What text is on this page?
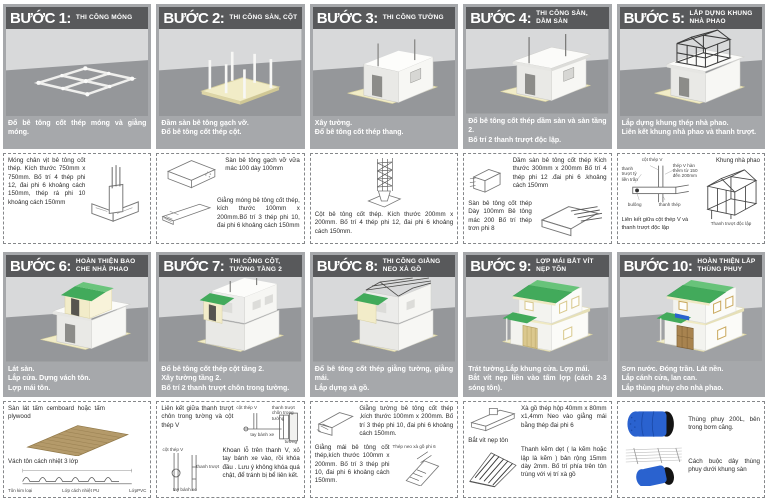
BƯỚC 1: THI CÔNG MÓNG
Đổ bê tông cốt thép móng và giằng móng.

Móng chân vịt bê tông cốt thép. Kích thước 750mm x 750mm. Bố trí 4 thép phi 12, đai phi 6 khoảng cách 150mm, thép rá phi 10 khoảng cách 150mm

BƯỚC 2: THI CÔNG SÀN, CỘT
Đầm sàn bê tông gạch vỡ.
Đổ bê tông cốt thép cột.

Sàn bê tông gạch vỡ vữa mác 100 dày 100mm

Giằng móng bê tông cốt thép, kích thước 100mm x 200mm.Bố trí 3 thép phi 10, đai phi 6 khoảng cách 150mm

BƯỚC 3: THI CÔNG TƯỜNG
Xây tường.
Đổ bê tông cốt thép thang.

Cột bê tông cốt thép. Kích thước 200mm x 200mm. Bố trí 4 thép phi 12, đai phi 6 khoảng cách 150mm.

BƯỚC 4: THI CÔNG SÀN, DẦM SÀN
Đổ bê tông cốt thép dầm sàn và sàn tầng 2.
Bố trí 2 thanh trượt độc lập.

Dầm sàn bê tông cốt thép Kích thước 300mm x 200mm Bố trí 4 thép phi 12 .đai phi 6 .khoảng cách 150mm

Sàn bê tông cốt thép Dày 100mm Bê tông mác 200 Bố trí thép trơn phi 8

BƯỚC 5: LẮP DỰNG KHUNG NHÀ PHAO
Lắp dựng khung thép nhà phao.
Liên kết khung nhà phao và thanh trượt.
cột thép V
thanh trượt tỳ liền trần
thép V hàn thêm từ 150 đến 200mm
bulông	thanh thép
Liên kết giữa cột thép V và thanh trượt độc lập
Khung nhà phao
Thanh trượt độc lập
BƯỚC 6: HOÀN THIỆN BAO CHE NHÀ PHAO
Lát sàn.
Lắp cửa. Dựng vách tôn.
Lợp mái tôn.

Sàn lát tấm cemboard hoặc tấm plywood

Vách tôn cách nhiệt 3 lớp
Tôn kim loại	Lớp cách nhiệt PU	LớpPVC
BƯỚC 7: THI CÔNG CỘT, TƯỜNG TẦNG 2
Đổ bê tông cốt thép cột tầng 2.
Xây tường tầng 2.
Bố trí 2 thanh trượt chôn trong tường.

Liên kết giữa thanh trượt chôn trong tường và cột thép V

cột thép V	thanh trượt chôn trong tường
tay bánh xe
tường
cột thép V
thanh trượt
tay bánh xe

Khoan lỗ trên thanh V, xỏ tay bánh xe vào, rồi khóa đầu . Lưu ý không khóa quá chật, để tránh bị bể liên kết.

BƯỚC 8: THI CÔNG GIẰNG NEO XÀ GỒ
Đổ bê tông cốt thép giằng tường, giằng mái.
Lắp dựng xà gồ.

Giằng tường bê tông cốt thép ,kích thước 100mm x 200mm. Bố trí 3 thép phi 10, đai phi 6 khoảng cách 150mm.

Giằng mái bê tông cốt thép,kích thước 100mm x 200mm. Bố trí 3 thép phi 10, đai phi 6 khoảng cách 150mm.

Thép neo xà gồ phi 6
BƯỚC 9: LỢP MÁI BẮT VÍT NẸP TÔN
Trát tường.Lắp khung cửa. Lợp mái.
Bắt vít nẹp liền vào tấm lợp (cách 2-3 sóng tôn).

Xà gồ thép hộp 40mm x 80mm x1,4mm Neo vào giằng mái bằng thép đai phi 6

Bắt vít nẹp tôn

Thanh kẽm dẹt ( la kẽm hoặc lập là kẽm ) bản rộng 15mm dày 2mm. Bố trí phía trên tôn trùng với vị trí xà gồ

BƯỚC 10: HOÀN THIỆN LẮP THÙNG PHUY
Sơn nước. Đóng trần. Lát nền.
Lắp cánh cửa, lan can.
Lắp thùng phuy cho nhà phao.

Thùng phuy 200L, bên trong bơm căng.

Cách buộc dây thùng phuy dưới khung sàn
